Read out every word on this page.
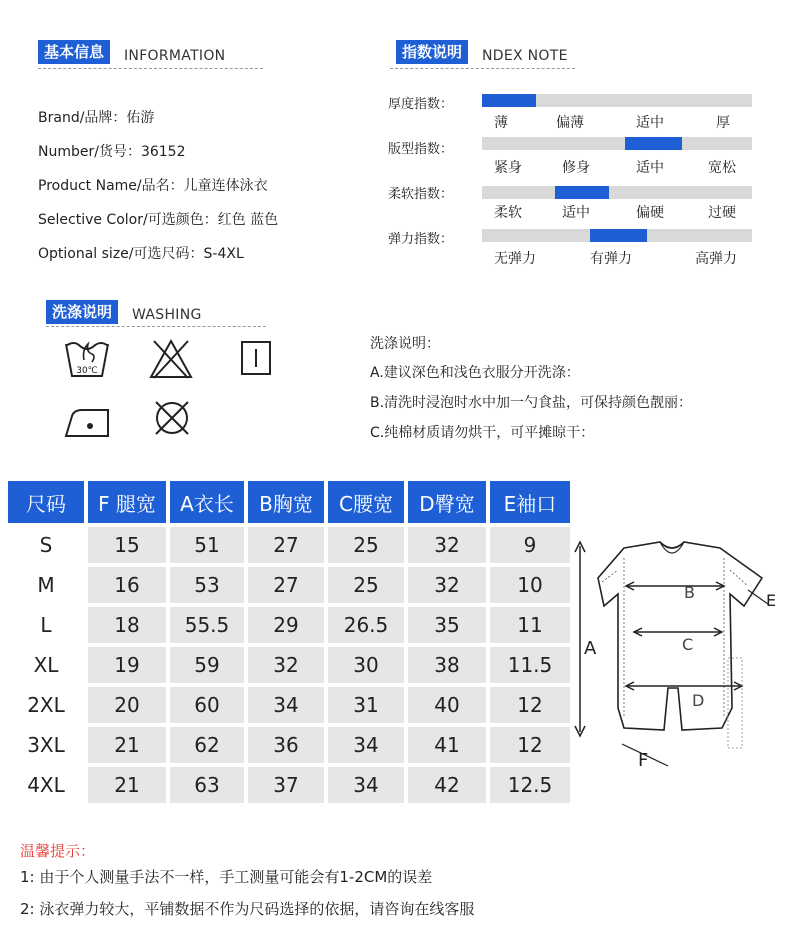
基本信息	INFORMATION
Brand/品牌：佑游
Number/货号：36152
Product Name/品名：儿童连体泳衣
Selective Color/可选颜色：红色 蓝色
Optional size/可选尺码：S-4XL
指数说明	NDEX NOTE
厚度指数：
薄	偏薄	适中	厚
版型指数：
紧身	修身	适中	宽松
柔软指数：
柔软	适中	偏硬	过硬
弹力指数：
无弹力	有弹力	高弹力
洗涤说明	WASHING
30℃
洗涤说明：
A.建议深色和浅色衣服分开洗涤：
B.清洗时浸泡时水中加一勺食盐，可保持颜色靓丽：
C.纯棉材质请勿烘干，可平摊晾干：
尺码	F 腿宽	A衣长	B胸宽	C腰宽	D臀宽	E袖口
S	15	51	27	25	32	9
M	16	53	27	25	32	10
L	18	55.5	29	26.5	35	11
XL	19	59	32	30	38	11.5
2XL	20	60	34	31	40	12
3XL	21	62	36	34	41	12
4XL	21	63	37	34	42	12.5
A
B
C
D
E
F
温馨提示：
1: 由于个人测量手法不一样，手工测量可能会有1-2CM的误差
2: 泳衣弹力较大，平铺数据不作为尺码选择的依据，请咨询在线客服
